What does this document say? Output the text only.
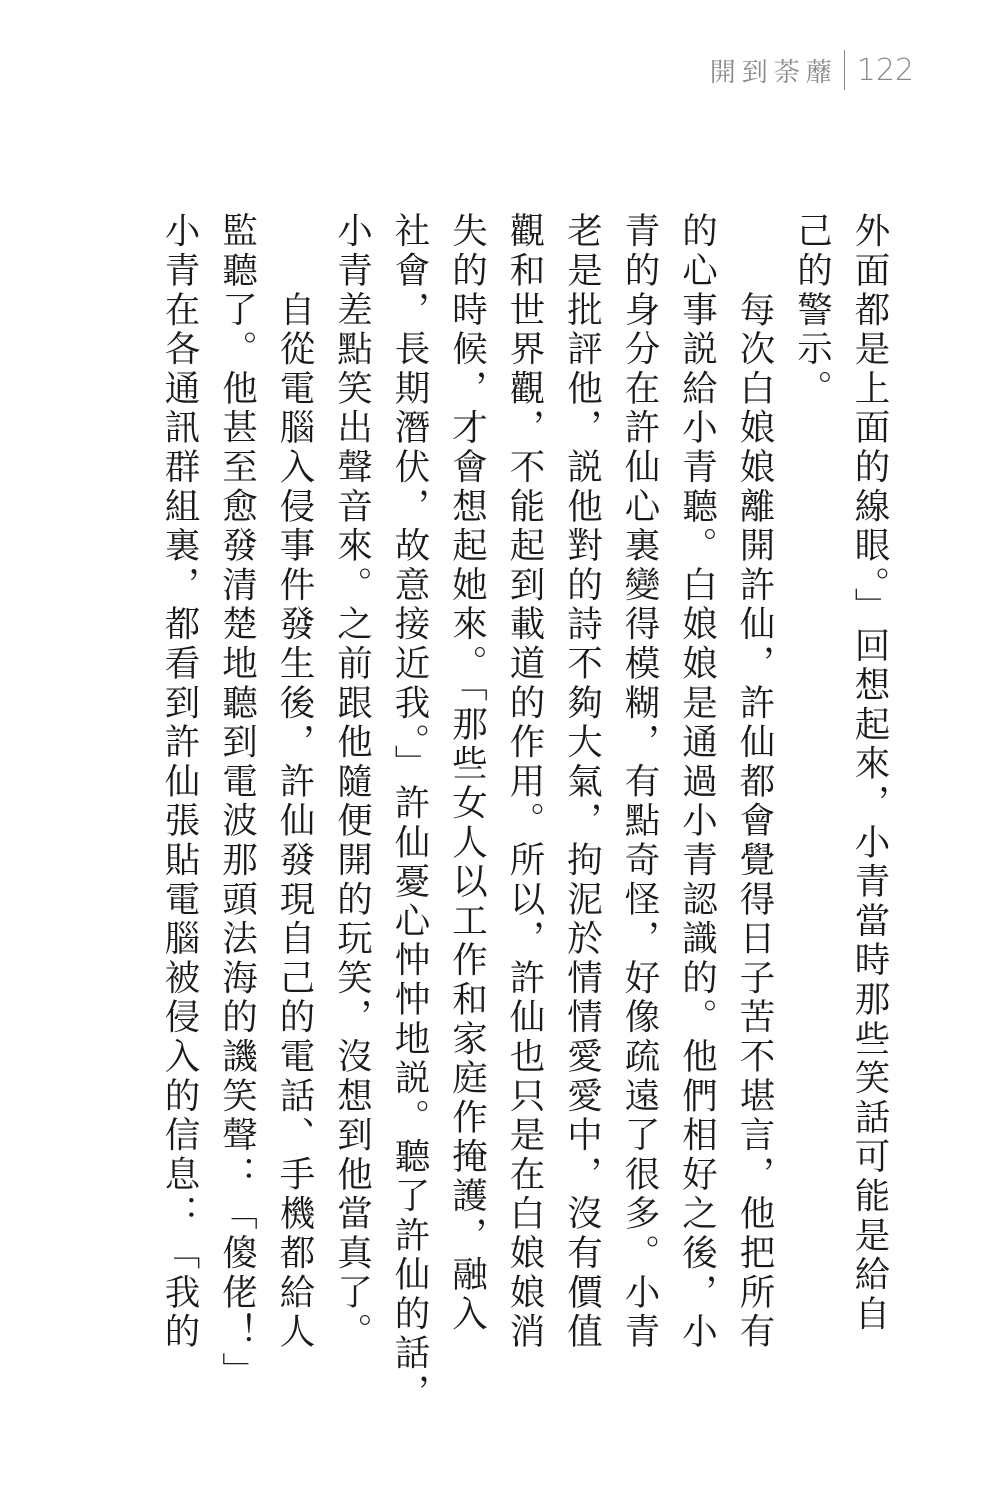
開到荼蘼 122
外面都是上面的線眼。」回想起來，小青當時那些笑話可能是給自
己的警示。
　　每次白娘娘離開許仙，許仙都會覺得日子苦不堪言，他把所有
的心事説給小青聽。白娘娘是通過小青認識的。他們相好之後，小
青的身分在許仙心裏變得模糊，有點奇怪，好像疏遠了很多。小青
老是批評他，説他對的詩不夠大氣，拘泥於情情愛愛中，沒有價值
觀和世界觀，不能起到載道的作用。所以，許仙也只是在白娘娘消
失的時候，才會想起她來。「那些女人以工作和家庭作掩護，融入
社會，長期潛伏，故意接近我。」許仙憂心忡忡地説。聽了許仙的話，
小青差點笑出聲音來。之前跟他隨便開的玩笑，沒想到他當真了。
　　自從電腦入侵事件發生後，許仙發現自己的電話、手機都給人
監聽了。他甚至愈發清楚地聽到電波那頭法海的譏笑聲：「傻佬！」
小青在各通訊群組裏，都看到許仙張貼電腦被侵入的信息：「我的
